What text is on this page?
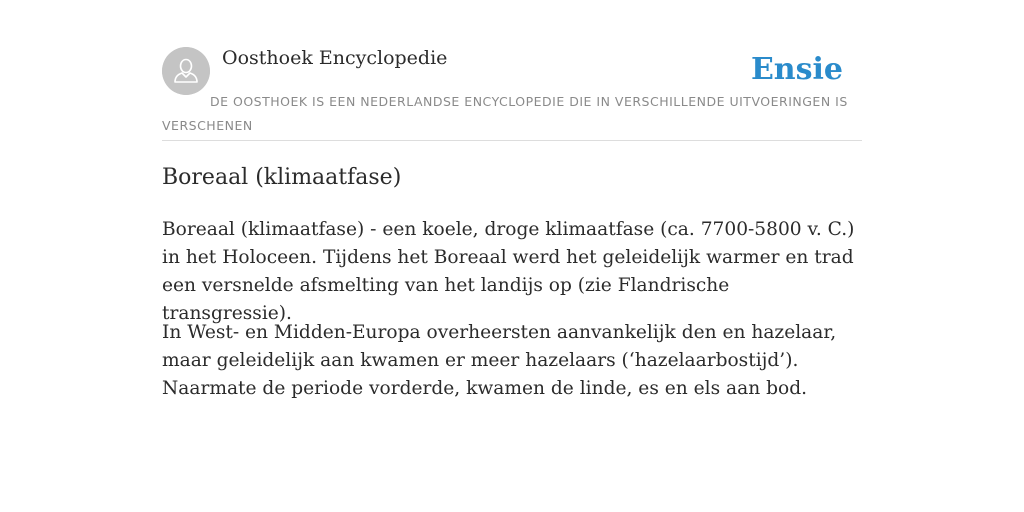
Oosthoek Encyclopedie	Ensie

DE OOSTHOEK IS EEN NEDERLANDSE ENCYCLOPEDIE DIE IN VERSCHILLENDE UITVOERINGEN IS VERSCHENEN

Boreaal (klimaatfase)

Boreaal (klimaatfase) - een koele, droge klimaatfase (ca. 7700-5800 v. C.) in het Holoceen. Tijdens het Boreaal werd het geleidelijk warmer en trad een versnelde afsmelting van het landijs op (zie Flandrische transgressie).

In West- en Midden-Europa overheersten aanvankelijk den en hazelaar, maar geleidelijk aan kwamen er meer hazelaars (‘hazelaarbostijd’). Naarmate de periode vorderde, kwamen de linde, es en els aan bod.
